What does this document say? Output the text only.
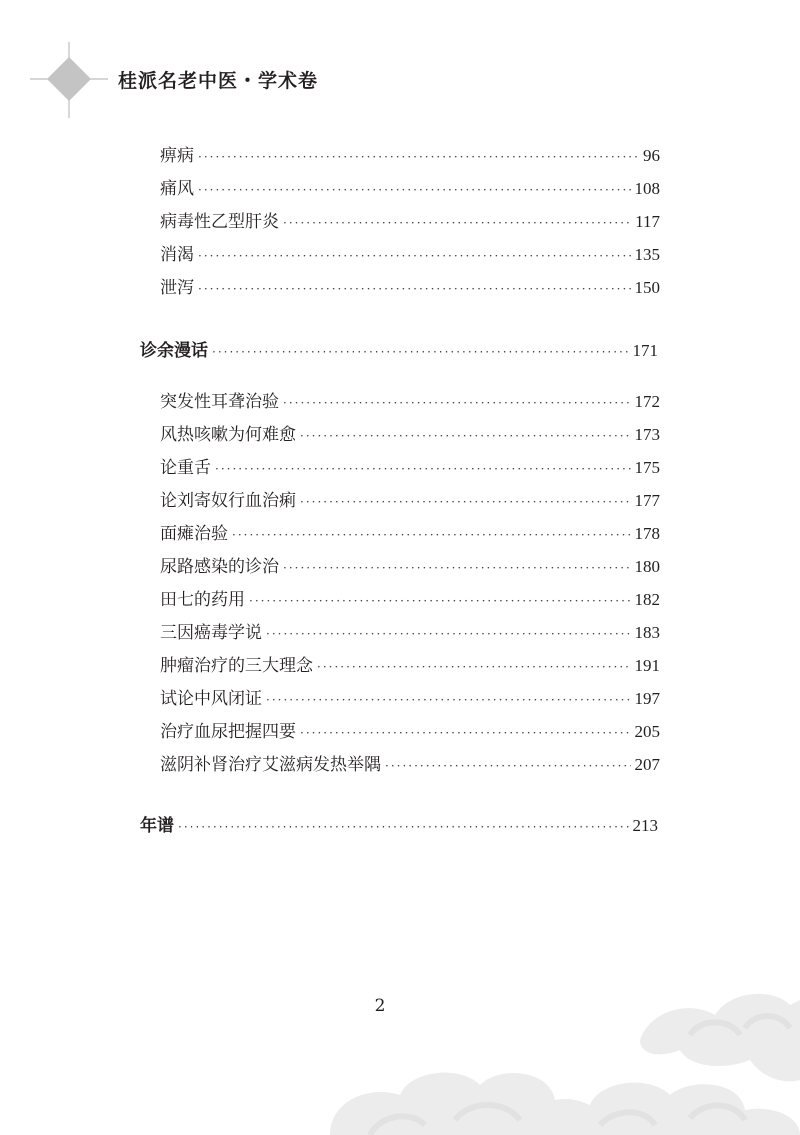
桂派名老中医・学术卷
痹病 ·····	96
痛风 ·····	108
病毒性乙型肝炎 ·····	117
消渴 ·····	135
泄泻 ·····	150
诊余漫话 ·····	171
突发性耳聋治验 ·····	172
风热咳嗽为何难愈 ·····	173
论重舌 ·····	175
论刘寄奴行血治痢 ·····	177
面瘫治验 ·····	178
尿路感染的诊治 ·····	180
田七的药用 ·····	182
三因癌毒学说 ·····	183
肿瘤治疗的三大理念 ·····	191
试论中风闭证 ·····	197
治疗血尿把握四要 ·····	205
滋阴补肾治疗艾滋病发热举隅 ·····	207
年谱 ·····	213
2
